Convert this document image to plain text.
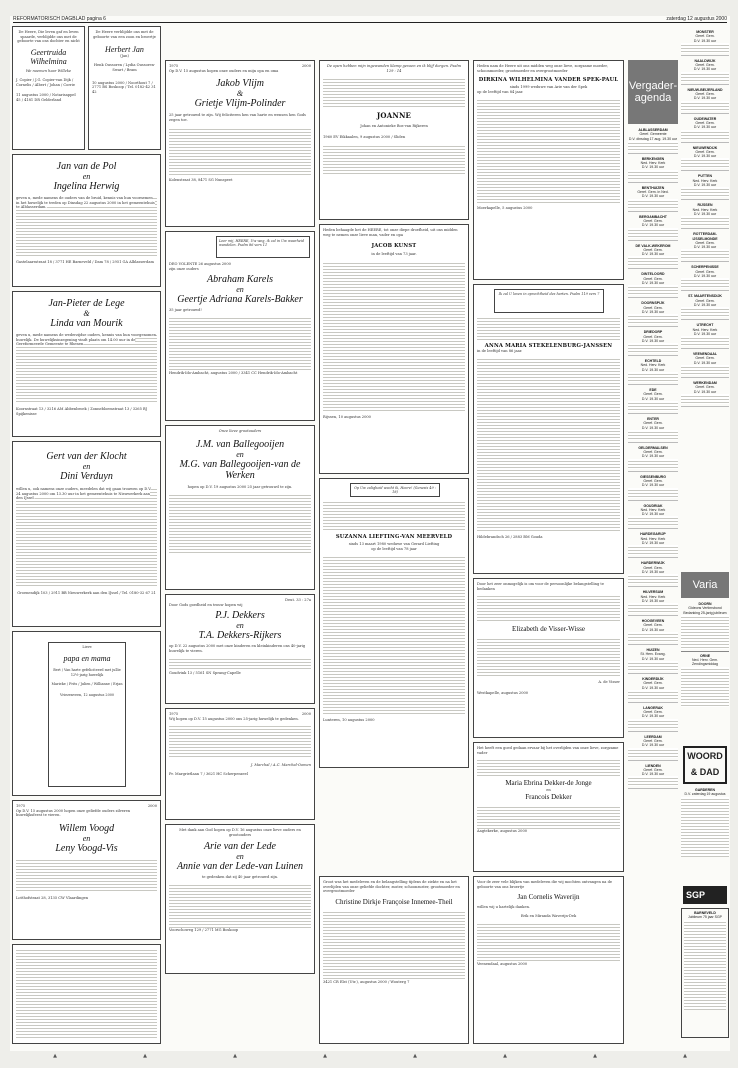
REFORMATORISCH DAGBLAD pagina 6	zaterdag 12 augustus 2000
De Heere, Die leven gaf en leven spaarde, verblijdde ons met de geboorte van ons dochter en nicht
Geertruida Wilhelmina
We noemen haar Willeke
J. Copier / J.G. Copier-van Dijk / Cornelis / Albert / Johan / Corrie
11 augustus 2000 / Notarisappel 45 / 4181 DR Gelderland
De Heere verblijdde ons met de geboorte van een zoon en broertje
Herbert Jan
(Jan)
Henk Oussoren / Lydia Oussoren-Swart / Bram
10 augustus 2000 / Noorthout 7 / 2771 BS Boskoop / Tel. 0182-42 31 42
Jan van de Pol
en
Ingelina Herwig
geven u, mede namens de ouders van de bruid, kennis van hun voornemen in het huwelijk te treden op Dinsdag 22 augustus 2000 in het gemeentehuis te Alblasserdam.
Gastelaarsstraat 18 / 3771 HE Barneveld / Dam 78 / 2951 GA Alblasserdam
Jan-Pieter de Lege
&
Linda van Mourik
geven u, mede namens de wederzijdse ouders, kennis van hun voorgenomen huwelijk. De huwelijksinzegening vindt plaats om 14.00 uur in de Gereformeerde Gemeente te Rhenen.
Koornstraat 13 / 3216 AM Abbenbroek / Zonnebloemstraat 13 / 3265 BJ Spijkenisse
Gert van der Klocht
en
Dini Verduyn
willen u, ook namens onze ouders, meedelen dat wij gaan trouwen op D.V. 24 augustus 2000 om 13.30 uur in het gemeentehuis te Nieuwerkerk aan den IJssel.
Groenendijk 103 / 2911 BB Nieuwerkerk aan den IJssel / Tel. 0180-32 67 21
Lieve
papa en mama
Bert / Van harte gefeliciteerd met jullie 12½-jarig huwelijk
Marieke / Frits / Julien / Willianne / Erjan
Vriezenveen, 12 augustus 2000
1975	2000
Op D.V. 15 augustus 2000 hopen onze geliefde ouders zilveren huwelijksfeest te vieren.
Willem Voogd
en
Leny Voogd-Vis
Lotthofstraat 28, 3135 CW Vlaardingen
1975	2000
Op D.V. 15 augustus hopen onze ouders en mijn opa en oma
Jakob Vlijm
&
Grietje Vlijm-Polinder
25 jaar getrouwd te zijn. Wij feliciteren hen van harte en wensen hen Gods zegen toe.
Kolenstraat 38, 8471 SG Nunspeet
Leer mij, HEERE, Uw weg, ik zal in Uw waarheid wandelen. Psalm 86 vers 11
DEO VOLENTE 26 augustus 2000
zijn onze ouders
Abraham Karels
en
Geertje Adriana Karels-Bakker
35 jaar getrouwd!
Hendrik-Ido-Ambacht, augustus 2000 / 3341 CC Hendrik-Ido-Ambacht
Onze lieve grootouders
J.M. van Ballegooijen
en
M.G. van Ballegooijen-van de Werken
hopen op D.V. 19 augustus 2000 25 jaar getrouwd te zijn.
Deut. 33 : 27a
Door Gods goedheid en trouw hopen wij
P.J. Dekkers
en
T.A. Dekkers-Rijkers
op D.V. 22 augustus 2000 met onze kinderen en kleinkinderen ons 40-jarig huwelijk te vieren.
Goudvink 13 / 5161 SN Sprang-Capelle
1975	2000
Wij hopen op D.V. 15 augustus 2000 ons 25-jarig huwelijk te gedenken.
J. Marchal / A.C. Marchal-Oomen
Pr. Margrietlaan 7 / 3621 HC Scherpenzeel
Met dank aan God hopen op D.V. 16 augustus onze lieve ouders en grootouders
Arie van der Lede
en
Annie van der Lede-van Luinen
te gedenken dat zij 40 jaar getrouwd zijn.
Voorschoweg 129 / 2771 MG Boskoop
De open hebben mijn ingewanden klamp gevoen en ik blijf dorgen. Psalm 129 : 14
JOANNE
Johan en Antonieke Bos-van Rijkeren
1960 EV Eikkaalen, 9 augustus 2000 / Sliden
Heden behaagde het de HEERE, tot onze diepe droefheid, uit ons midden weg te nemen onze lieve man, vader en opa
JACOB KUNST
in de leeftijd van 73 jaar.
Rijssen, 10 augustus 2000
Op Uw zaligheid wacht ik, Heere! (Genesis 49 : 18)
SUZANNA LIEFTING-VAN MEERVELD
sinds 13 maart 1980 weduwe van Gerard Liefting
op de leeftijd van 78 jaar
Lunteren, 10 augustus 2000
Groot was het medeleven en de belangstelling tijdens de ziekte en na het overlijden van onze geliefde dochter, zuster, schoonzuster, grootmoeder en overgrootmoeder
Christine Dirkje Françoise Innemee-Theil
3421 CR Elst (Utr.), augustus 2000 / Wouterg 7
Heden nam de Heere uit ons midden weg onze lieve, zorgzame moeder, schoonmoeder, grootmoeder en overgrootmoeder
DIRKINA WILHELMINA VANDER SPEK-PAUL
sinds 1999 weduwe van Arie van der Spek
op de leeftijd van 84 jaar.
Moerkapelle, 5 augustus 2000
Ik zal U loven in oprechtheid des harten. Psalm 119 vers 7
ANNA MARIA STEKELENBURG-JANSSEN
in de leeftijd van 86 jaar.
Hildebrandsch 26 / 2883 BM Gouda
Door het zeer onmogelijk is om voor de persoonlijke belangstelling te bedanken
Elizabeth de Visser-Wisse
A. de Visser
Westkapelle, augustus 2000
Het heeft een goed gedaan ervaar bij het overlijden van onze lieve, zorgzame vader
Maria Ebrina Dekker-de Jonge
en
Francois Dekker
Aagtekerke, augustus 2000
Voor de zeer vele blijken van medeleven die wij mochten ontvangen na de geboorte van ons broertje
Jan Cornelis Waverijn
willen wij u hartelijk danken.
Erik en Miranda Waverijn-Dek
Veenendaal, augustus 2000
Vergader-agenda
ALBLASSERDAM
Geref. Gemeente
D.V. dinsdag 17 aug. 19.30 uur
BERKENGEN
Ned. Herv. Kerk
D.V. 19.30 uur
BENTHUIZEN
Geref. Gem. in Ned.
D.V. 19.30 uur
BERGAMBACHT
Geref. Gem.
D.V. 19.30 uur
DE VALK-WEKEROM
Geref. Gem.
D.V. 19.30 uur
DINTELOORD
Geref. Gem.
D.V. 19.30 uur
DOORNSPIJK
Geref. Gem.
D.V. 19.30 uur
DRIEDORP
Geref. Gem.
D.V. 19.30 uur
ECHTELD
Ned. Herv. Kerk
D.V. 19.30 uur
EDE
Geref. Gem.
D.V. 19.30 uur
ENTER
Geref. Gem.
D.V. 19.30 uur
GELDERMALSEN
Geref. Gem.
D.V. 19.30 uur
GIESSENBURG
Geref. Gem.
D.V. 19.30 uur
GOUDRIAK
Ned. Herv. Kerk
D.V. 19.30 uur
HARDEGARIJP
Ned. Herv. Kerk
D.V. 19.30 uur
HARDERWIJK
Geref. Gem.
D.V. 19.30 uur
HILVERSUM
Ned. Herv. Kerk
D.V. 19.30 uur
HOOGEVEEN
Geref. Gem.
D.V. 19.30 uur
HUIZEN
St. Herv. Evang.
D.V. 19.30 uur
KINDERDIJK
Geref. Gem.
D.V. 19.30 uur
LANGERAK
Geref. Gem.
D.V. 19.30 uur
LEERDAM
Geref. Gem.
D.V. 19.30 uur
LIENDEN
Geref. Gem.
D.V. 19.30 uur
MONSTER
Geref. Gem.
D.V. 19.30 uur
NAALDWIJK
Geref. Gem.
D.V. 19.30 uur
NIEUW-BEIJERLAND
Geref. Gem.
D.V. 19.30 uur
OUDEWATER
Geref. Gem.
D.V. 19.30 uur
NIEUWENDIJK
Geref. Gem.
D.V. 19.30 uur
PUTTEN
Ned. Herv. Kerk
D.V. 19.30 uur
RIJSSEN
Ned. Herv. Kerk
D.V. 19.30 uur
ROTTERDAM-IJSSELMONDE
Geref. Gem.
D.V. 19.30 uur
SCHERPENISSE
Geref. Gem.
D.V. 19.30 uur
ST. MAARTENSDIJK
Geref. Gem.
D.V. 19.30 uur
UTRECHT
Ned. Herv. Kerk
D.V. 19.30 uur
VEENENDAAL
Geref. Gem.
D.V. 19.30 uur
WERKENDAM
Geref. Gem.
D.V. 19.30 uur
Varia
DOORN
Gideons Vertimsbond Bedanking 25-jarig jubileum
ORNE
Ned. Herv. Gem. Zendingsmiddag
WOORD
& DAD
GARDEREN
D.V. zaterdag 19 augustus
SGP
BARNEVELD
Jubileum 75 jaar SGP
▲	▲	▲	▲	▲	▲	▲	▲
